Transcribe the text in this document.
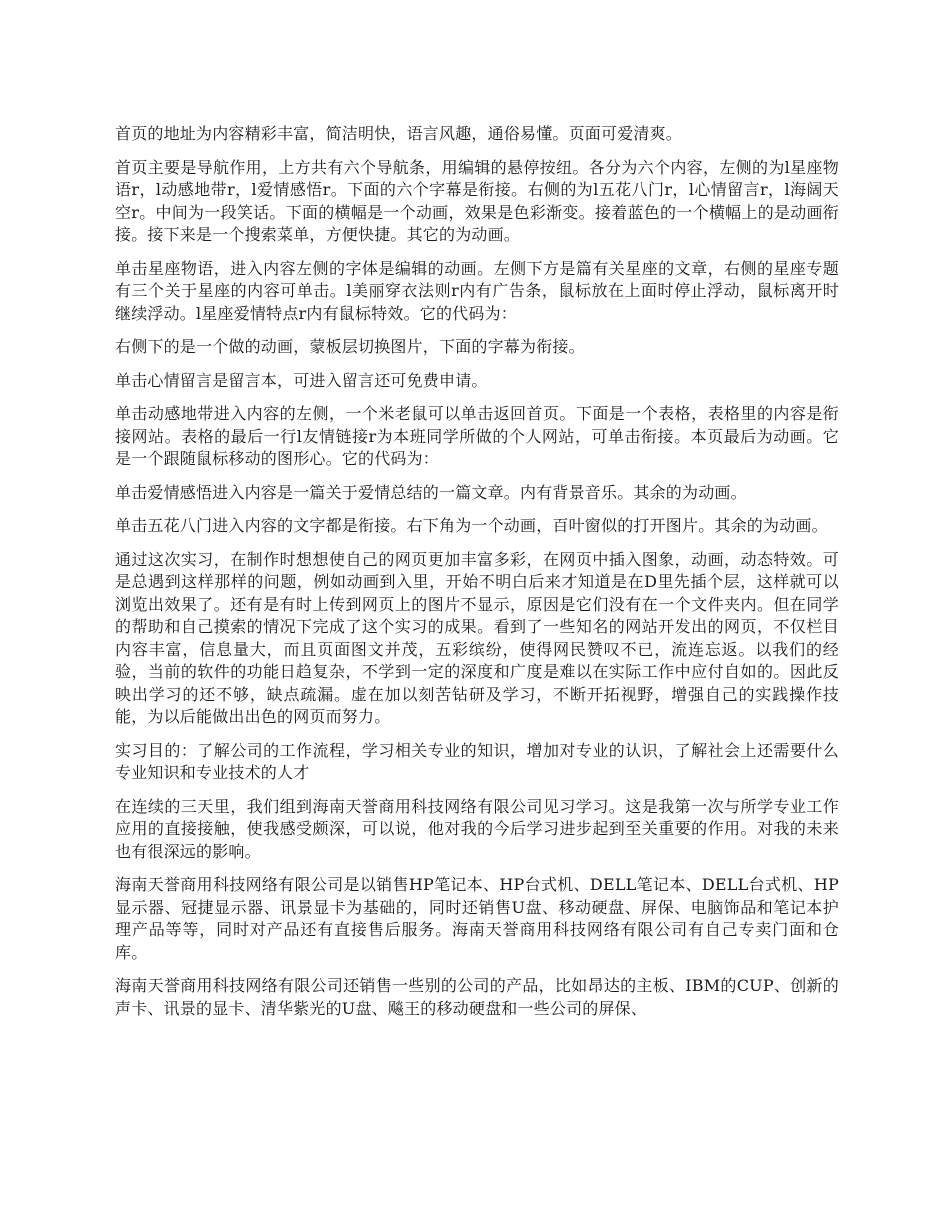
首页的地址为内容精彩丰富，简洁明快，语言风趣，通俗易懂。页面可爱清爽。

首页主要是导航作用，上方共有六个导航条，用编辑的悬停按纽。各分为六个内容，左侧的为l星座物语r，l动感地带r，l爱情感悟r。下面的六个字幕是衔接。右侧的为l五花八门r，l心情留言r，l海阔天空r。中间为一段笑话。下面的横幅是一个动画，效果是色彩渐变。接着蓝色的一个横幅上的是动画衔接。接下来是一个搜索菜单，方便快捷。其它的为动画。

单击星座物语，进入内容左侧的字体是编辑的动画。左侧下方是篇有关星座的文章，右侧的星座专题有三个关于星座的内容可单击。l美丽穿衣法则r内有广告条，鼠标放在上面时停止浮动，鼠标离开时继续浮动。l星座爱情特点r内有鼠标特效。它的代码为：

右侧下的是一个做的动画，蒙板层切换图片，下面的字幕为衔接。

单击心情留言是留言本，可进入留言还可免费申请。

单击动感地带进入内容的左侧，一个米老鼠可以单击返回首页。下面是一个表格，表格里的内容是衔接网站。表格的最后一行l友情链接r为本班同学所做的个人网站，可单击衔接。本页最后为动画。它是一个跟随鼠标移动的图形心。它的代码为：

单击爱情感悟进入内容是一篇关于爱情总结的一篇文章。内有背景音乐。其余的为动画。

单击五花八门进入内容的文字都是衔接。右下角为一个动画，百叶窗似的打开图片。其余的为动画。

通过这次实习，在制作时想想使自己的网页更加丰富多彩，在网页中插入图象，动画，动态特效。可是总遇到这样那样的问题，例如动画到入里，开始不明白后来才知道是在D里先插个层，这样就可以浏览出效果了。还有是有时上传到网页上的图片不显示，原因是它们没有在一个文件夹内。但在同学的帮助和自己摸索的情况下完成了这个实习的成果。看到了一些知名的网站开发出的网页，不仅栏目内容丰富，信息量大，而且页面图文并茂，五彩缤纷，使得网民赞叹不已，流连忘返。以我们的经验，当前的软件的功能日趋复杂，不学到一定的深度和广度是难以在实际工作中应付自如的。因此反映出学习的还不够，缺点疏漏。虚在加以刻苦钻研及学习，不断开拓视野，增强自己的实践操作技能，为以后能做出出色的网页而努力。

实习目的：了解公司的工作流程，学习相关专业的知识，增加对专业的认识，了解社会上还需要什么专业知识和专业技术的人才

在连续的三天里，我们组到海南天誉商用科技网络有限公司见习学习。这是我第一次与所学专业工作应用的直接接触，使我感受颇深，可以说，他对我的今后学习进步起到至关重要的作用。对我的未来也有很深远的影响。

海南天誉商用科技网络有限公司是以销售HP笔记本、HP台式机、DELL笔记本、DELL台式机、HP显示器、冠捷显示器、讯景显卡为基础的，同时还销售U盘、移动硬盘、屏保、电脑饰品和笔记本护理产品等等，同时对产品还有直接售后服务。海南天誉商用科技网络有限公司有自己专卖门面和仓库。

海南天誉商用科技网络有限公司还销售一些别的公司的产品，比如昂达的主板、IBM的CUP、创新的声卡、讯景的显卡、清华紫光的U盘、飚王的移动硬盘和一些公司的屏保、
